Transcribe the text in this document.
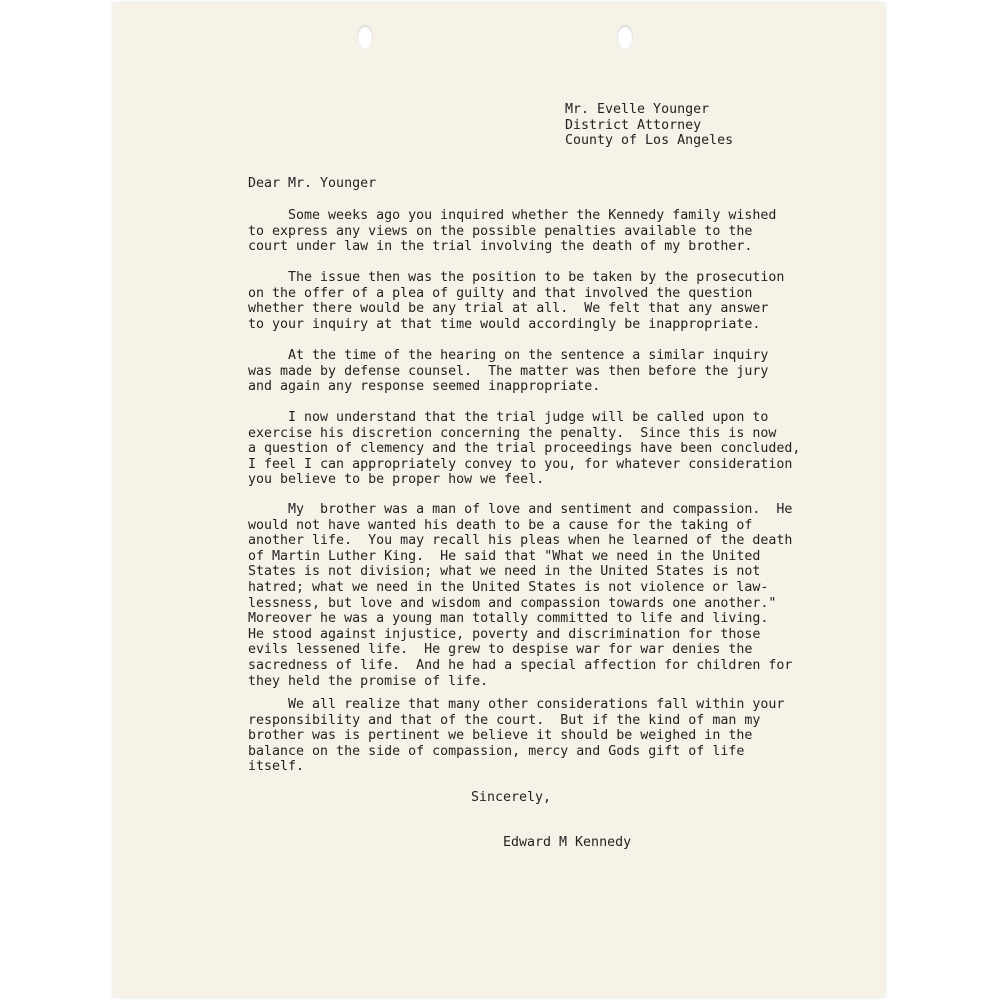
Mr. Evelle Younger
District Attorney
County of Los Angeles
Dear Mr. Younger
Some weeks ago you inquired whether the Kennedy family wished
to express any views on the possible penalties available to the
court under law in the trial involving the death of my brother.
The issue then was the position to be taken by the prosecution
on the offer of a plea of guilty and that involved the question
whether there would be any trial at all.  We felt that any answer
to your inquiry at that time would accordingly be inappropriate.
At the time of the hearing on the sentence a similar inquiry
was made by defense counsel.  The matter was then before the jury
and again any response seemed inappropriate.
I now understand that the trial judge will be called upon to
exercise his discretion concerning the penalty.  Since this is now
a question of clemency and the trial proceedings have been concluded,
I feel I can appropriately convey to you, for whatever consideration
you believe to be proper how we feel.
My  brother was a man of love and sentiment and compassion.  He
would not have wanted his death to be a cause for the taking of
another life.  You may recall his pleas when he learned of the death
of Martin Luther King.  He said that "What we need in the United
States is not division; what we need in the United States is not
hatred; what we need in the United States is not violence or law-
lessness, but love and wisdom and compassion towards one another."
Moreover he was a young man totally committed to life and living.
He stood against injustice, poverty and discrimination for those
evils lessened life.  He grew to despise war for war denies the
sacredness of life.  And he had a special affection for children for
they held the promise of life.
We all realize that many other considerations fall within your
responsibility and that of the court.  But if the kind of man my
brother was is pertinent we believe it should be weighed in the
balance on the side of compassion, mercy and Gods gift of life
itself.
Sincerely,
Edward M Kennedy
